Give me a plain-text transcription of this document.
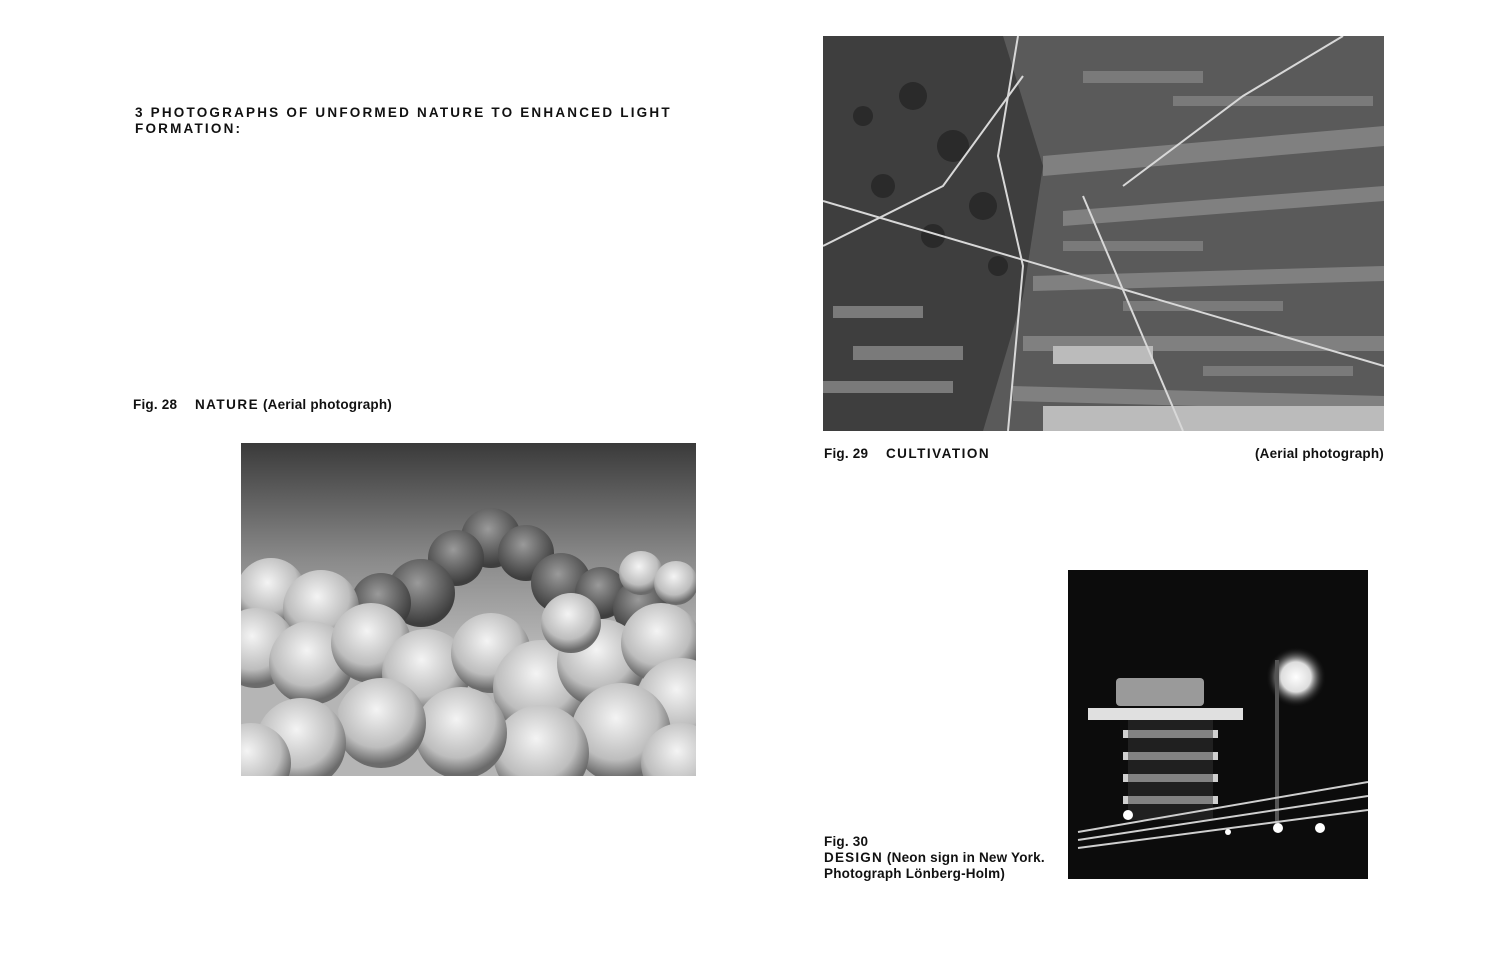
3 PHOTOGRAPHS OF UNFORMED NATURE TO ENHANCED LIGHT
FORMATION:
Fig. 28 NATURE (Aerial photograph)
Fig. 29 CULTIVATION	(Aerial photograph)
Fig. 30
DESIGN (Neon sign in New York.
Photograph Lönberg-Holm)
